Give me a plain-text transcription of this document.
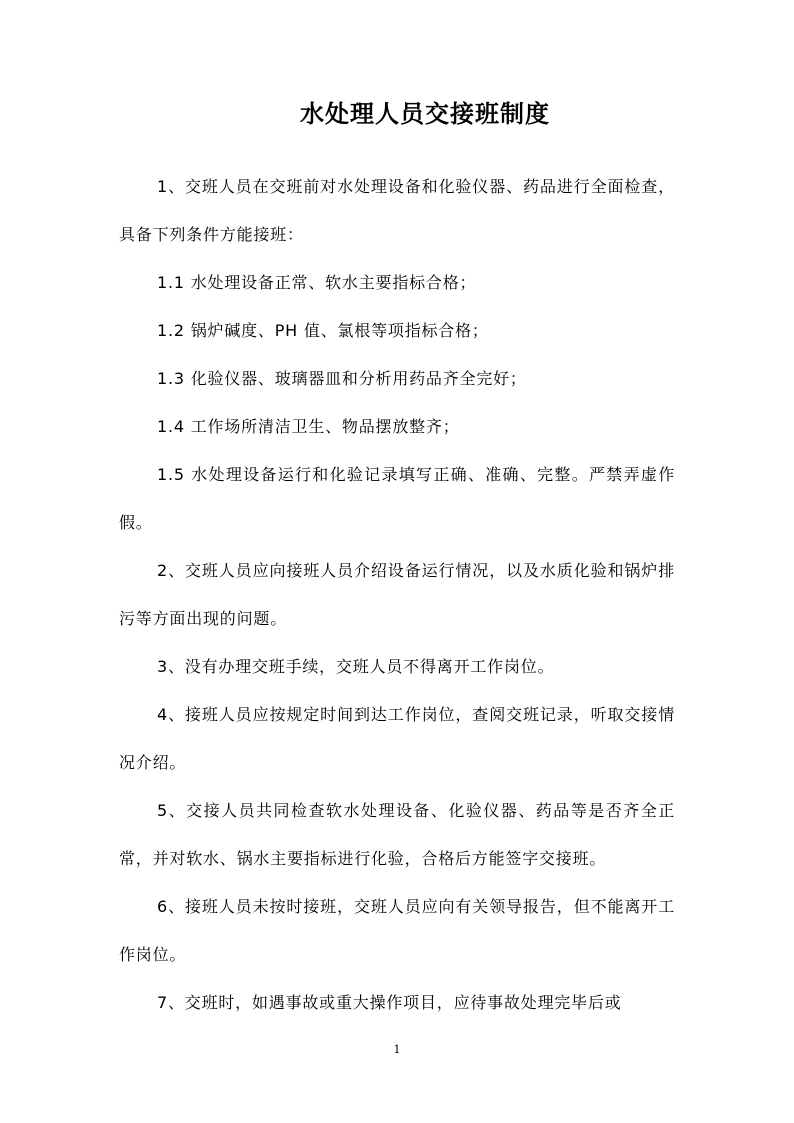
水处理人员交接班制度

1、交班人员在交班前对水处理设备和化验仪器、药品进行全面检查，具备下列条件方能接班：

1.1 水处理设备正常、软水主要指标合格；

1.2 锅炉碱度、PH 值、氯根等项指标合格；

1.3 化验仪器、玻璃器皿和分析用药品齐全完好；

1.4 工作场所清洁卫生、物品摆放整齐；

1.5 水处理设备运行和化验记录填写正确、准确、完整。严禁弄虚作假。

2、交班人员应向接班人员介绍设备运行情况，以及水质化验和锅炉排污等方面出现的问题。

3、没有办理交班手续，交班人员不得离开工作岗位。

4、接班人员应按规定时间到达工作岗位，查阅交班记录，听取交接情况介绍。

5、交接人员共同检查软水处理设备、化验仪器、药品等是否齐全正常，并对软水、锅水主要指标进行化验，合格后方能签字交接班。

6、接班人员未按时接班，交班人员应向有关领导报告，但不能离开工作岗位。

7、交班时，如遇事故或重大操作项目，应待事故处理完毕后或

1
